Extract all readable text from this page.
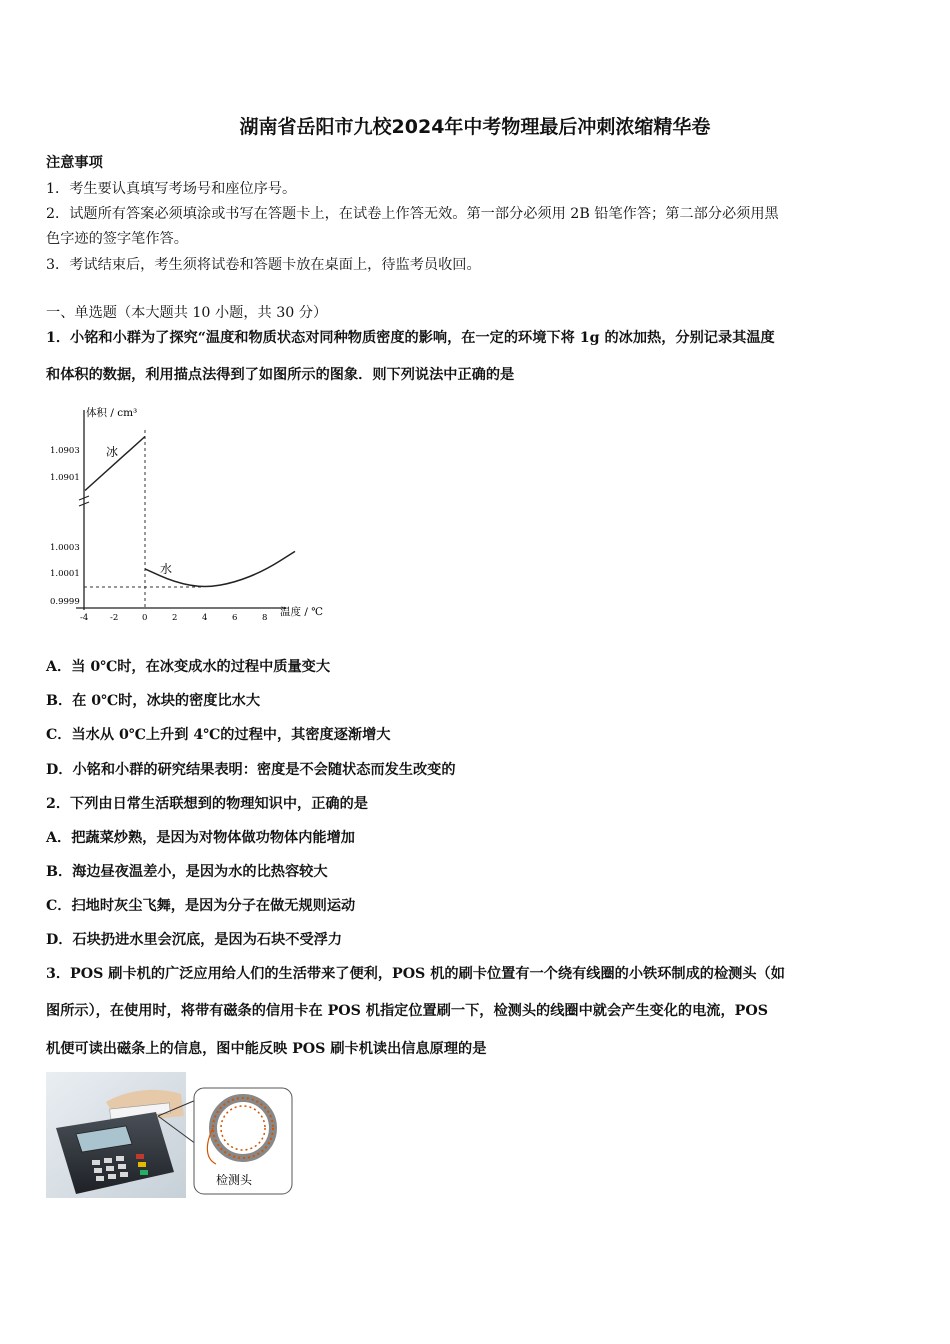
湖南省岳阳市九校2024年中考物理最后冲刺浓缩精华卷
注意事项
1．考生要认真填写考场号和座位序号。
2．试题所有答案必须填涂或书写在答题卡上，在试卷上作答无效。第一部分必须用 2B 铅笔作答；第二部分必须用黑
色字迹的签字笔作答。
3．考试结束后，考生须将试卷和答题卡放在桌面上，待监考员收回。
一、单选题（本大题共 10 小题，共 30 分）
1．小铭和小群为了探究“温度和物质状态对同种物质密度的影响，在一定的环境下将 1g 的冰加热，分别记录其温度
和体积的数据，利用描点法得到了如图所示的图象．则下列说法中正确的是
体积 / cm³
1.0903
1.0901
1.0003
1.0001
0.9999
-4	-2	0	2	4	6	8 温度 / ℃
冰
水
A．当 0℃时，在冰变成水的过程中质量变大
B．在 0℃时，冰块的密度比水大
C．当水从 0℃上升到 4℃的过程中，其密度逐渐增大
D．小铭和小群的研究结果表明：密度是不会随状态而发生改变的
2．下列由日常生活联想到的物理知识中，正确的是
A．把蔬菜炒熟，是因为对物体做功物体内能增加
B．海边昼夜温差小，是因为水的比热容较大
C．扫地时灰尘飞舞，是因为分子在做无规则运动
D．石块扔进水里会沉底，是因为石块不受浮力
3．POS 刷卡机的广泛应用给人们的生活带来了便利，POS 机的刷卡位置有一个绕有线圈的小铁环制成的检测头（如
图所示），在使用时，将带有磁条的信用卡在 POS 机指定位置刷一下，检测头的线圈中就会产生变化的电流，POS
机便可读出磁条上的信息，图中能反映 POS 刷卡机读出信息原理的是
检测头
